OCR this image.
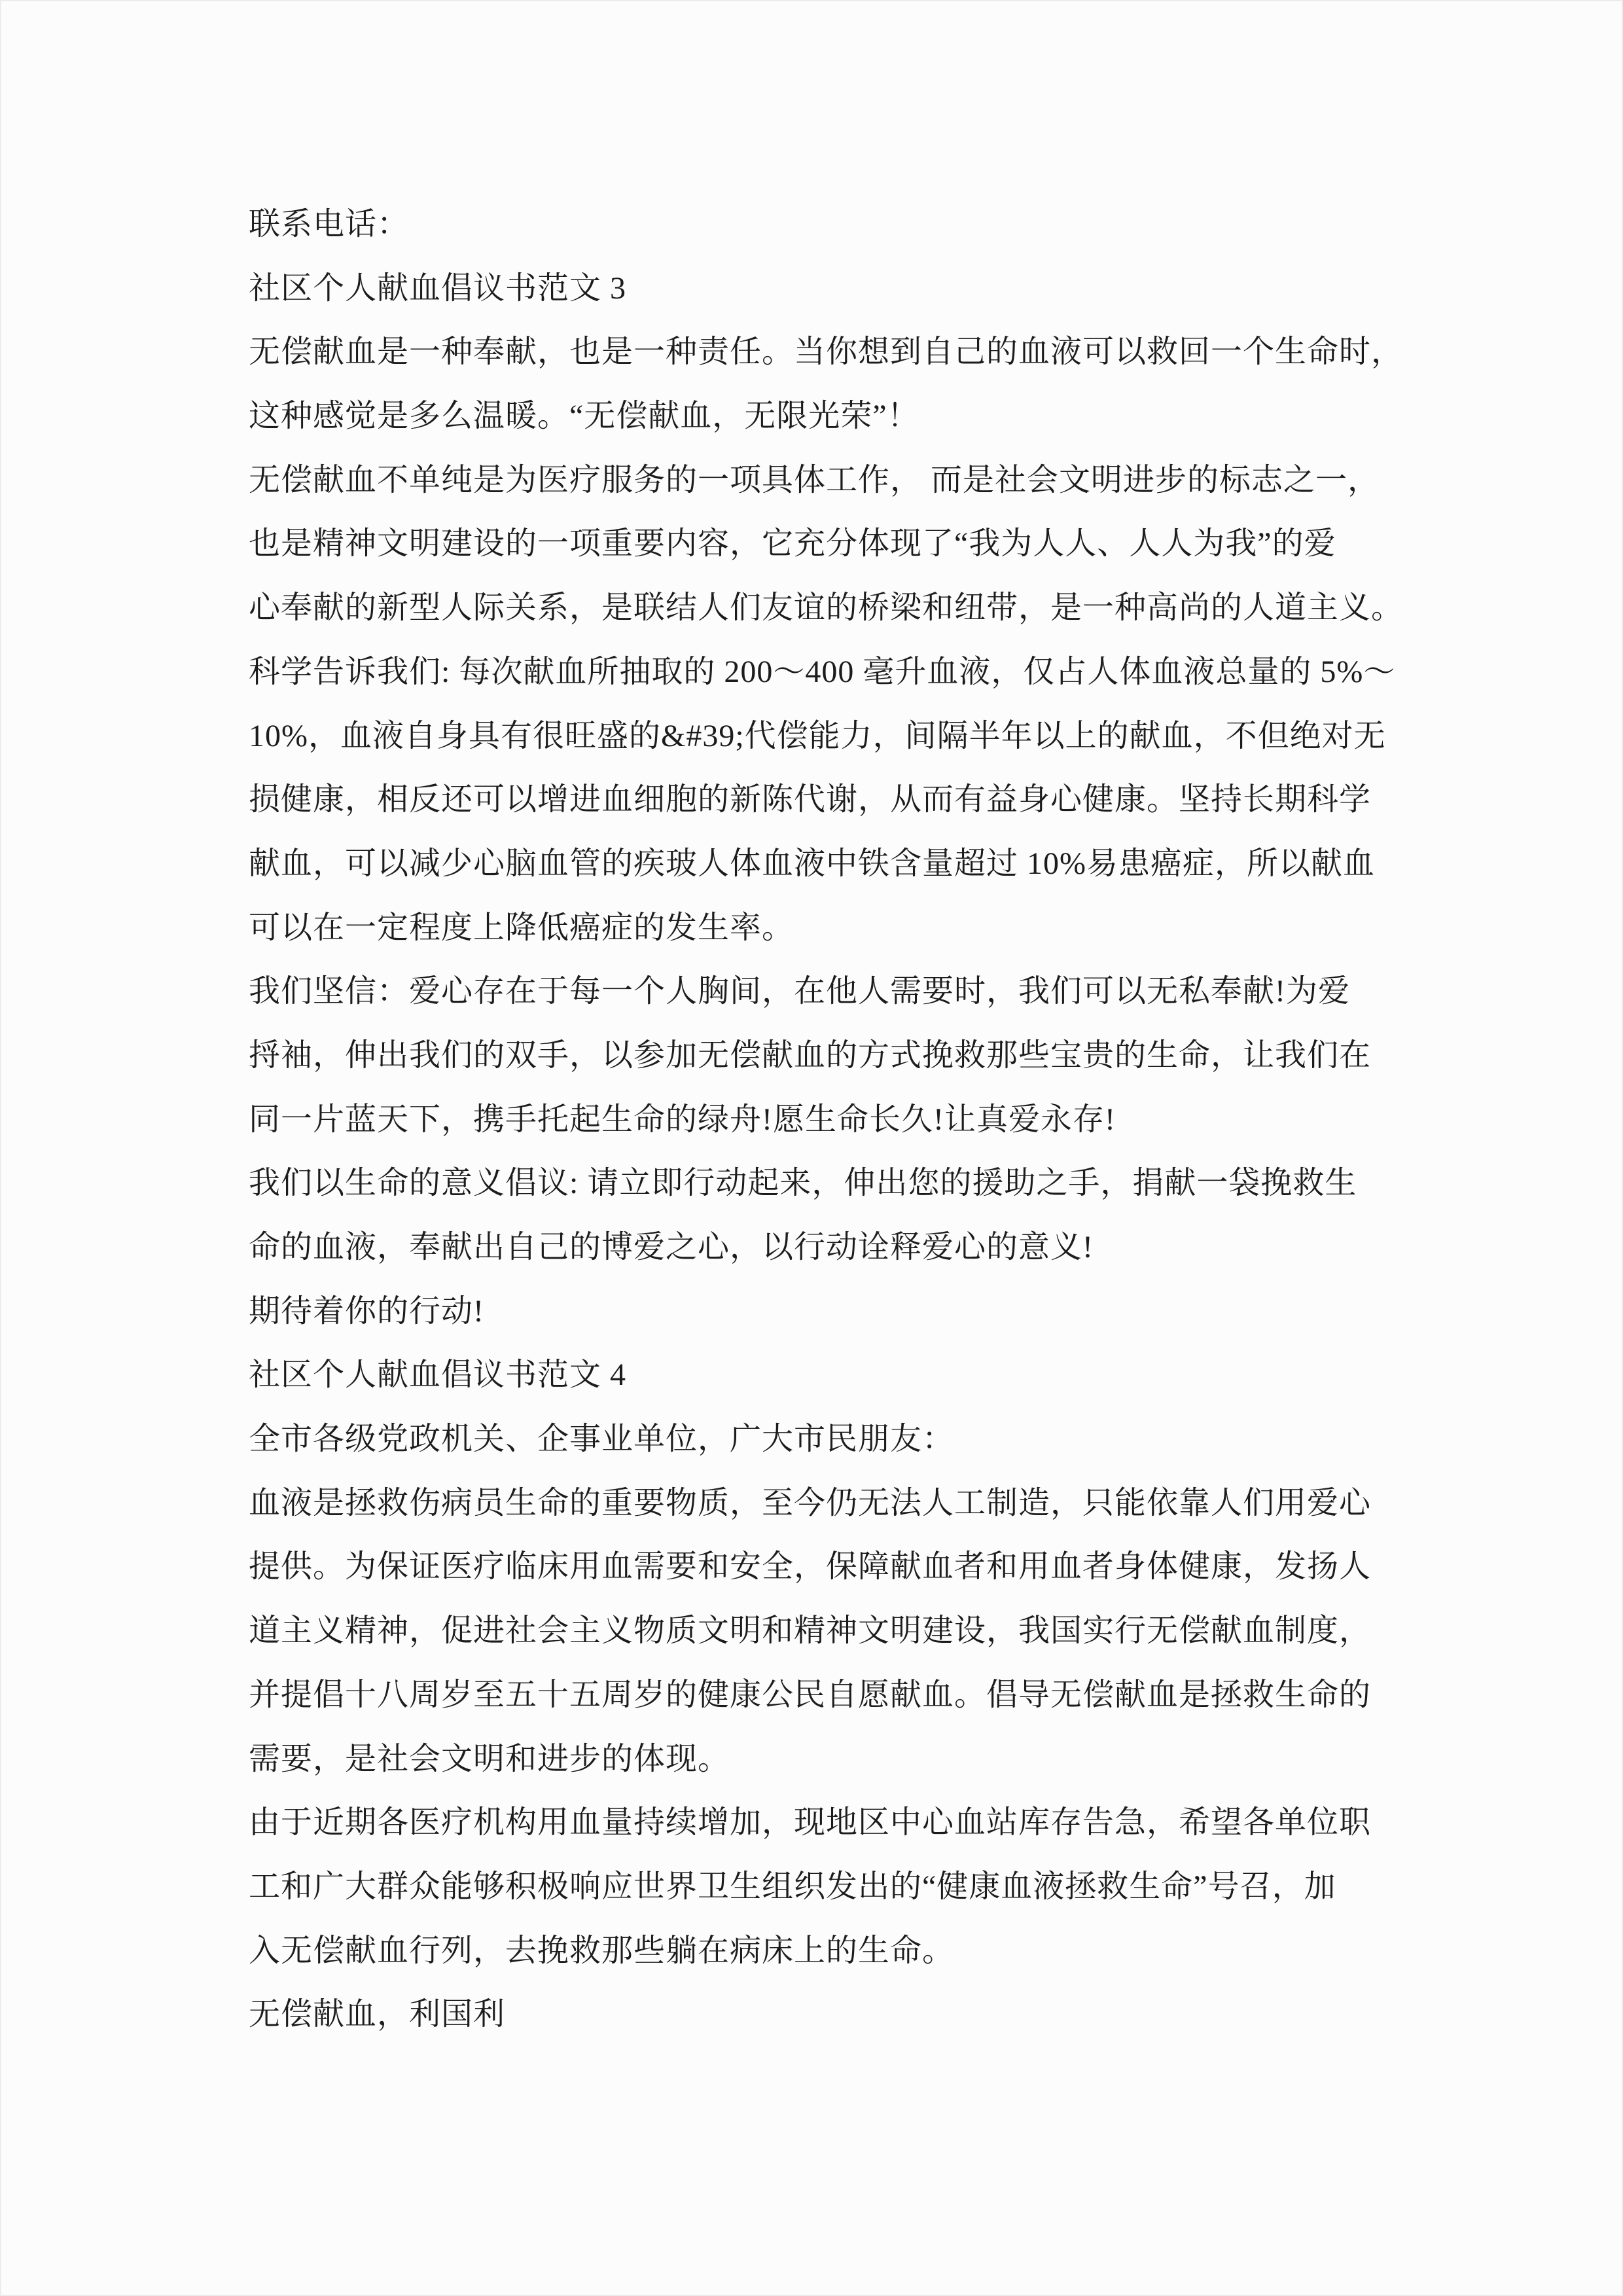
联系电话：
社区个人献血倡议书范文 3
无偿献血是一种奉献，也是一种责任。当你想到自己的血液可以救回一个生命时，
这种感觉是多么温暖。“无偿献血，无限光荣”！
无偿献血不单纯是为医疗服务的一项具体工作， 而是社会文明进步的标志之一，
也是精神文明建设的一项重要内容，它充分体现了“我为人人、人人为我”的爱
心奉献的新型人际关系，是联结人们友谊的桥梁和纽带，是一种高尚的人道主义。
科学告诉我们: 每次献血所抽取的 200～400 毫升血液，仅占人体血液总量的 5%～
10%，血液自身具有很旺盛的&#39;代偿能力，间隔半年以上的献血，不但绝对无
损健康，相反还可以增进血细胞的新陈代谢，从而有益身心健康。坚持长期科学
献血，可以减少心脑血管的疾玻人体血液中铁含量超过 10%易患癌症，所以献血
可以在一定程度上降低癌症的发生率。
我们坚信：爱心存在于每一个人胸间，在他人需要时，我们可以无私奉献!为爱
捋袖，伸出我们的双手，以参加无偿献血的方式挽救那些宝贵的生命，让我们在
同一片蓝天下，携手托起生命的绿舟!愿生命长久!让真爱永存!
我们以生命的意义倡议: 请立即行动起来，伸出您的援助之手，捐献一袋挽救生
命的血液，奉献出自己的博爱之心，以行动诠释爱心的意义!
期待着你的行动!
社区个人献血倡议书范文 4
全市各级党政机关、企事业单位，广大市民朋友：
血液是拯救伤病员生命的重要物质，至今仍无法人工制造，只能依靠人们用爱心
提供。为保证医疗临床用血需要和安全，保障献血者和用血者身体健康，发扬人
道主义精神，促进社会主义物质文明和精神文明建设，我国实行无偿献血制度，
并提倡十八周岁至五十五周岁的健康公民自愿献血。倡导无偿献血是拯救生命的
需要，是社会文明和进步的体现。
由于近期各医疗机构用血量持续增加，现地区中心血站库存告急，希望各单位职
工和广大群众能够积极响应世界卫生组织发出的“健康血液拯救生命”号召，加
入无偿献血行列，去挽救那些躺在病床上的生命。
无偿献血，利国利
